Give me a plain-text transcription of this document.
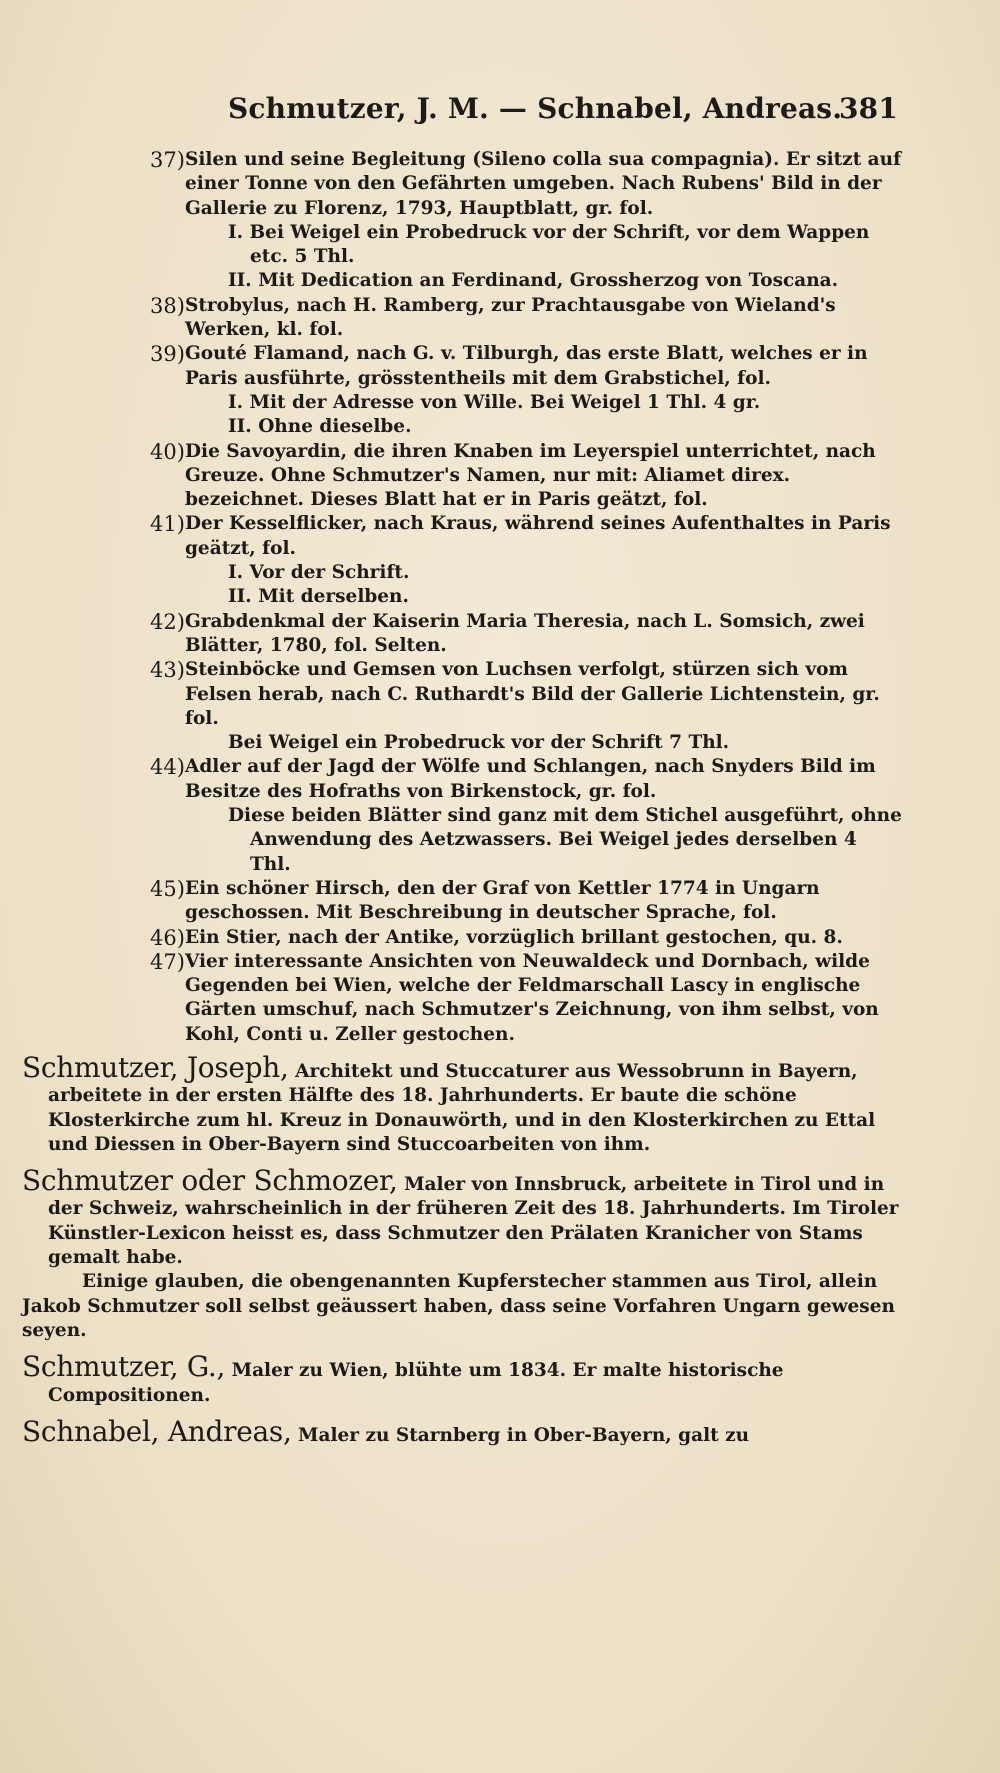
Schmutzer, J. M. — Schnabel, Andreas.
381
37) Silen und seine Begleitung (Sileno colla sua compagnia). Er sitzt auf einer Tonne von den Gefährten umgeben. Nach Rubens' Bild in der Gallerie zu Florenz, 1793, Hauptblatt, gr. fol.

I. Bei Weigel ein Probedruck vor der Schrift, vor dem Wappen etc. 5 Thl.

II. Mit Dedication an Ferdinand, Grossherzog von Toscana.

38) Strobylus, nach H. Ramberg, zur Prachtausgabe von Wieland's Werken, kl. fol.

39) Gouté Flamand, nach G. v. Tilburgh, das erste Blatt, welches er in Paris ausführte, grösstentheils mit dem Grabstichel, fol.

I. Mit der Adresse von Wille. Bei Weigel 1 Thl. 4 gr.

II. Ohne dieselbe.

40) Die Savoyardin, die ihren Knaben im Leyerspiel unterrichtet, nach Greuze. Ohne Schmutzer's Namen, nur mit: Aliamet direx. bezeichnet. Dieses Blatt hat er in Paris geätzt, fol.

41) Der Kesselflicker, nach Kraus, während seines Aufenthaltes in Paris geätzt, fol.

I. Vor der Schrift.

II. Mit derselben.

42) Grabdenkmal der Kaiserin Maria Theresia, nach L. Somsich, zwei Blätter, 1780, fol. Selten.

43) Steinböcke und Gemsen von Luchsen verfolgt, stürzen sich vom Felsen herab, nach C. Ruthardt's Bild der Gallerie Lichtenstein, gr. fol.

Bei Weigel ein Probedruck vor der Schrift 7 Thl.

44) Adler auf der Jagd der Wölfe und Schlangen, nach Snyders Bild im Besitze des Hofraths von Birkenstock, gr. fol.

Diese beiden Blätter sind ganz mit dem Stichel ausgeführt, ohne Anwendung des Aetzwassers. Bei Weigel jedes derselben 4 Thl.

45) Ein schöner Hirsch, den der Graf von Kettler 1774 in Ungarn geschossen. Mit Beschreibung in deutscher Sprache, fol.

46) Ein Stier, nach der Antike, vorzüglich brillant gestochen, qu. 8.

47) Vier interessante Ansichten von Neuwaldeck und Dornbach, wilde Gegenden bei Wien, welche der Feldmarschall Lascy in englische Gärten umschuf, nach Schmutzer's Zeichnung, von ihm selbst, von Kohl, Conti u. Zeller gestochen.

Schmutzer, Joseph, Architekt und Stuccaturer aus Wessobrunn in Bayern, arbeitete in der ersten Hälfte des 18. Jahrhunderts. Er baute die schöne Klosterkirche zum hl. Kreuz in Donauwörth, und in den Klosterkirchen zu Ettal und Diessen in Ober-Bayern sind Stuccoarbeiten von ihm.

Schmutzer oder Schmozer, Maler von Innsbruck, arbeitete in Tirol und in der Schweiz, wahrscheinlich in der früheren Zeit des 18. Jahrhunderts. Im Tiroler Künstler-Lexicon heisst es, dass Schmutzer den Prälaten Kranicher von Stams gemalt habe.

Einige glauben, die obengenannten Kupferstecher stammen aus Tirol, allein Jakob Schmutzer soll selbst geäussert haben, dass seine Vorfahren Ungarn gewesen seyen.

Schmutzer, G., Maler zu Wien, blühte um 1834. Er malte historische Compositionen.

Schnabel, Andreas, Maler zu Starnberg in Ober-Bayern, galt zu
